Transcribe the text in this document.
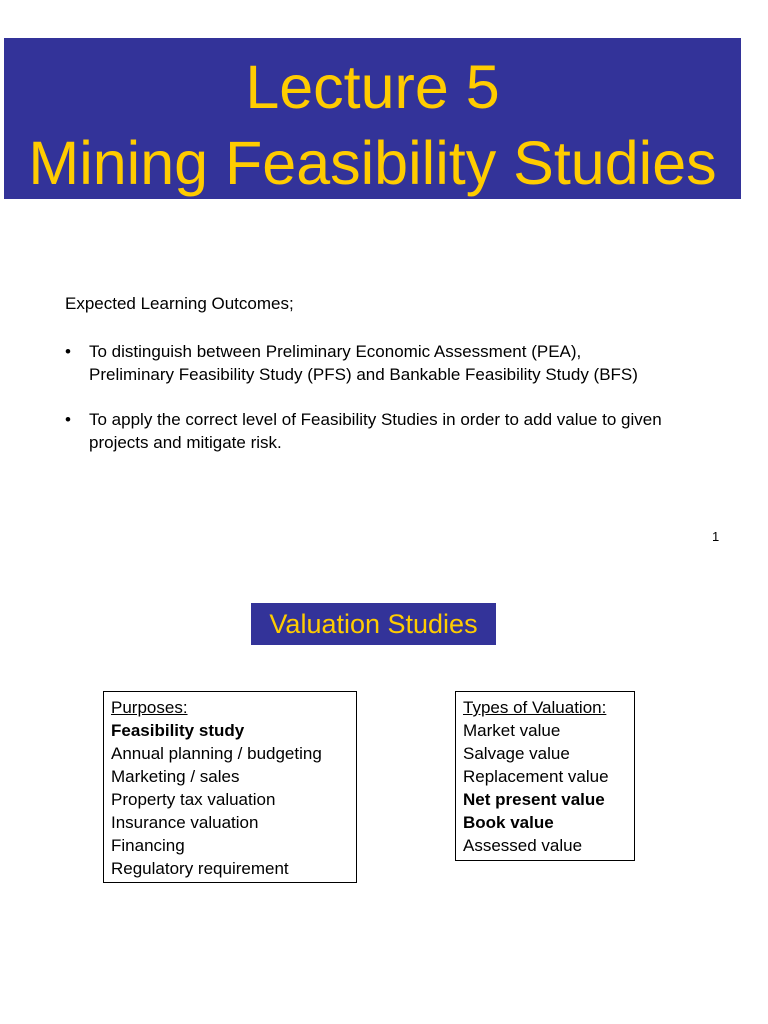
Lecture 5
Mining Feasibility Studies
Expected Learning Outcomes;
• To distinguish between Preliminary Economic Assessment (PEA),
Preliminary Feasibility Study (PFS) and Bankable Feasibility Study (BFS)
• To apply the correct level of Feasibility Studies in order to add value to given
projects and mitigate risk.
1
Valuation Studies
Purposes:
Feasibility study
Annual planning / budgeting
Marketing / sales
Property tax valuation
Insurance valuation
Financing
Regulatory requirement
Types of Valuation:
Market value
Salvage value
Replacement value
Net present value
Book value
Assessed value
